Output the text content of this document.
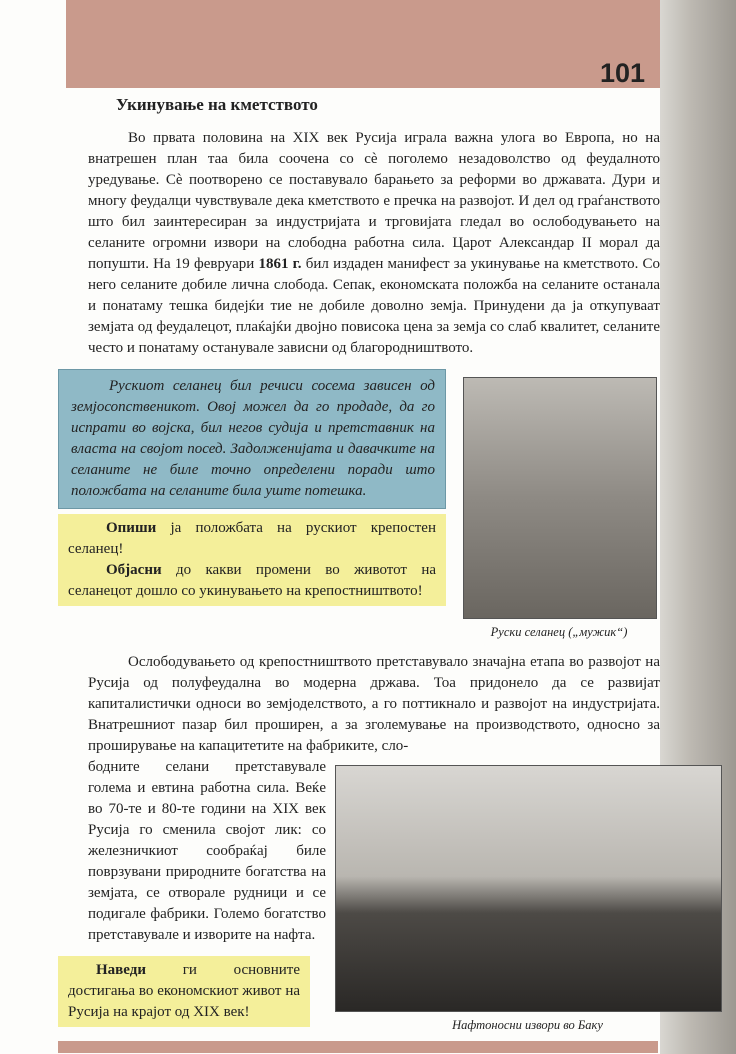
101
Укинување на кметството
Во првата половина на XIX век Русија играла важна улога во Европа, но на внатрешен план таа била соочена со сè поголемо незадоволство од феудалното уредување. Сè поотворено се поставувало барањето за реформи во државата. Дури и многу феудалци чувствувале дека кметството е пречка на развојот. И дел од граѓанството што бил заинтересиран за индустријата и трговијата гледал во ослободувањето на селаните огромни извори на слободна работна сила. Царот Александар II морал да попушти. На 19 февруари 1861 г. бил издаден манифест за укинување на кметството. Со него селаните добиле лична слобода. Сепак, економската положба на селаните останала и понатаму тешка бидејќи тие не добиле доволно земја. Принудени да ја откупуваат земјата од феудалецот, плаќајќи двојно повисока цена за земја со слаб квалитет, селаните често и понатаму останувале зависни од благородништвото.
Рускиот селанец бил речиси сосема зависен од земјосопственикот. Овој можел да го продаде, да го испрати во војска, бил негов судија и претставник на власта на својот посед. Задолженијата и давачките на селаните не биле точно определени поради што положбата на селаните била уште потешка.
Опиши ја положбата на рускиот крепостен селанец!
Објасни до какви промени во животот на селанецот дошло со укинувањето на крепостништвото!
Руски селанец („мужик“)
Ослободувањето од крепостништвото претставувало значајна етапа во развојот на Русија од полуфеудална во модерна држава. Тоа придонело да се развијат капиталистички односи во земјоделството, а го поттикнало и развојот на индустријата. Внатрешниот пазар бил проширен, а за зголемување на производството, односно за проширување на капацитетите на фабриките, сло-
бодните селани претставувале голема и евтина работна сила. Веќе во 70-те и 80-те години на XIX век Русија го сменила својот лик: со железничкиот сообраќај биле поврзувани природните богатства на земјата, се отворале рудници и се подигале фабрики. Големо богатство претставувале и изворите на нафта.
Наведи ги основните достигања во економскиот живот на Русија на крајот од XIX век!
Нафтоносни извори во Баку
